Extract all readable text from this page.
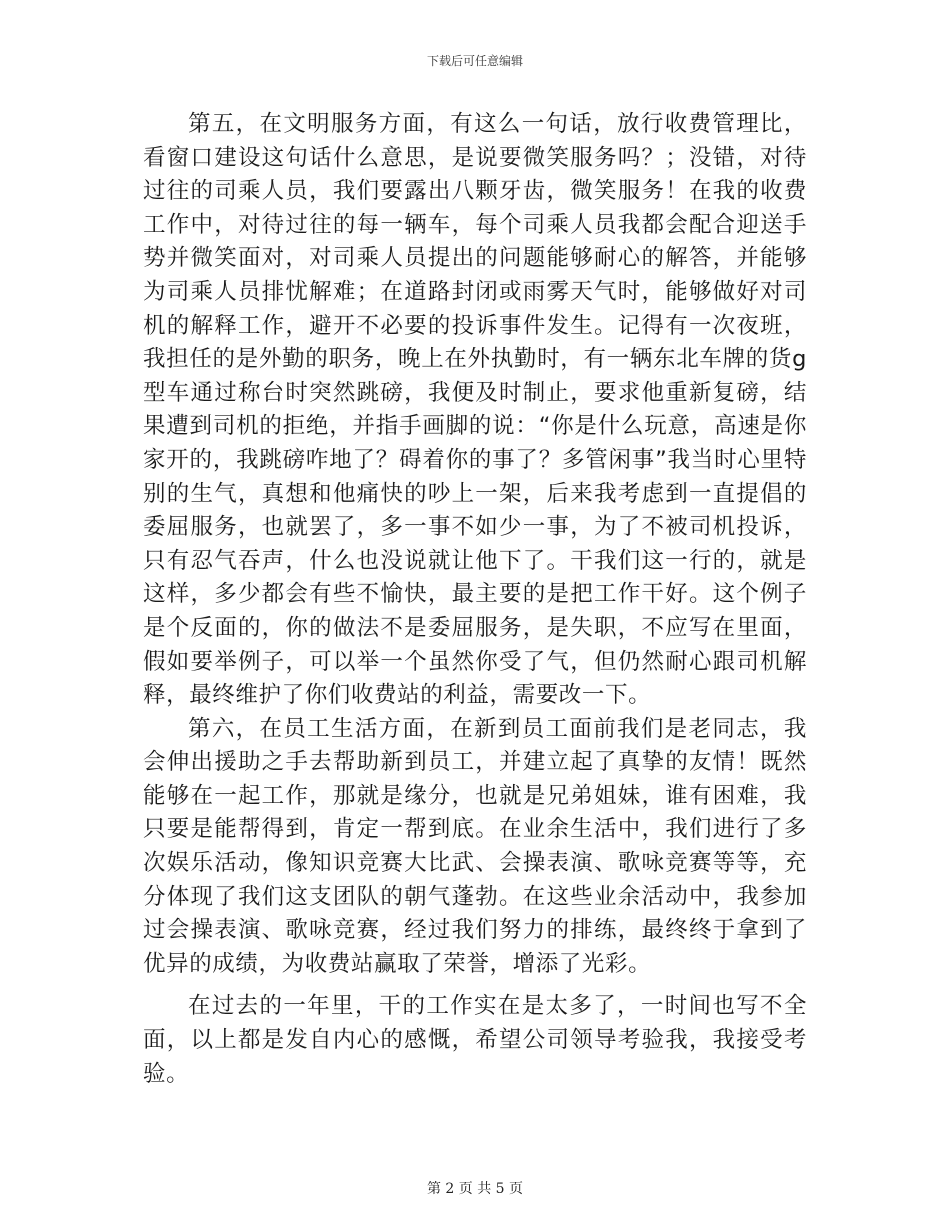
下载后可任意编辑

第五，在文明服务方面，有这么一句话，放行收费管理比，看窗口建设这句话什么意思，是说要微笑服务吗？；没错，对待过往的司乘人员，我们要露出八颗牙齿，微笑服务！在我的收费工作中，对待过往的每一辆车，每个司乘人员我都会配合迎送手势并微笑面对，对司乘人员提出的问题能够耐心的解答，并能够为司乘人员排忧解难；在道路封闭或雨雾天气时，能够做好对司机的解释工作，避开不必要的投诉事件发生。记得有一次夜班，我担任的是外勤的职务，晚上在外执勤时，有一辆东北车牌的货g型车通过称台时突然跳磅，我便及时制止，要求他重新复磅，结果遭到司机的拒绝，并指手画脚的说：“你是什么玩意，高速是你家开的，我跳磅咋地了？碍着你的事了？多管闲事”我当时心里特别的生气，真想和他痛快的吵上一架，后来我考虑到一直提倡的委屈服务，也就罢了，多一事不如少一事，为了不被司机投诉，只有忍气吞声，什么也没说就让他下了。干我们这一行的，就是这样，多少都会有些不愉快，最主要的是把工作干好。这个例子是个反面的，你的做法不是委屈服务，是失职，不应写在里面，假如要举例子，可以举一个虽然你受了气，但仍然耐心跟司机解释，最终维护了你们收费站的利益，需要改一下。

第六，在员工生活方面，在新到员工面前我们是老同志，我会伸出援助之手去帮助新到员工，并建立起了真挚的友情！既然能够在一起工作，那就是缘分，也就是兄弟姐妹，谁有困难，我只要是能帮得到，肯定一帮到底。在业余生活中，我们进行了多次娱乐活动，像知识竞赛大比武、会操表演、歌咏竞赛等等，充分体现了我们这支团队的朝气蓬勃。在这些业余活动中，我参加过会操表演、歌咏竞赛，经过我们努力的排练，最终终于拿到了优异的成绩，为收费站赢取了荣誉，增添了光彩。

在过去的一年里，干的工作实在是太多了，一时间也写不全面，以上都是发自内心的感慨，希望公司领导考验我，我接受考验。

第 2 页 共 5 页
